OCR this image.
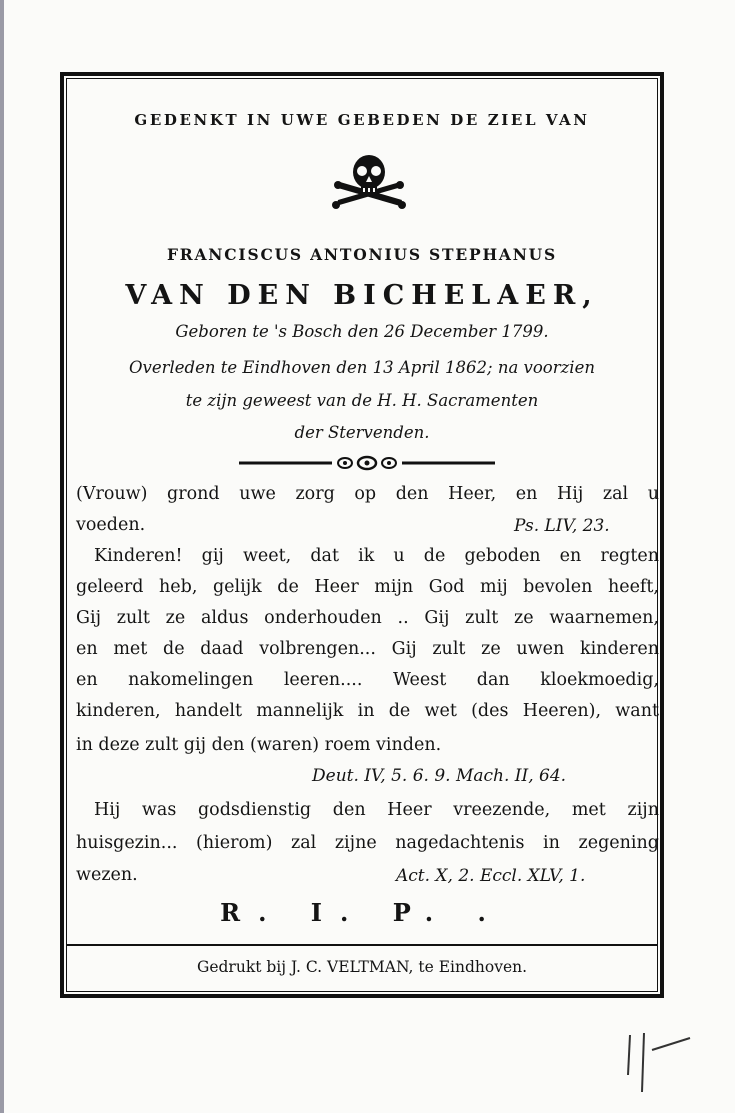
GEDENKT IN UWE GEBEDEN DE ZIEL VAN
FRANCISCUS ANTONIUS STEPHANUS
VAN DEN BICHELAER,
Geboren te 's Bosch den 26 December 1799.
Overleden te Eindhoven den 13 April 1862; na voorzien
te zijn geweest van de H. H. Sacramenten
der Stervenden.
(Vrouw) grond uwe zorg op den Heer, en Hij zal u
voeden.	Ps. LIV, 23.
Kinderen! gij weet, dat ik u de geboden en regten
geleerd heb, gelijk de Heer mijn God mij bevolen heeft,
Gij zult ze aldus onderhouden .. Gij zult ze waarnemen,
en met de daad volbrengen... Gij zult ze uwen kinderen
en nakomelingen leeren.... Weest dan kloekmoedig,
kinderen, handelt mannelijk in de wet (des Heeren), want
in deze zult gij den (waren) roem vinden.
Deut. IV, 5. 6. 9. Mach. II, 64.
Hij was godsdienstig den Heer vreezende, met zijn
huisgezin... (hierom) zal zijne nagedachtenis in zegening
wezen.	Act. X, 2. Eccl. XLV, 1.
R. I. P. .
Gedrukt bij J. C. VELTMAN, te Eindhoven.
